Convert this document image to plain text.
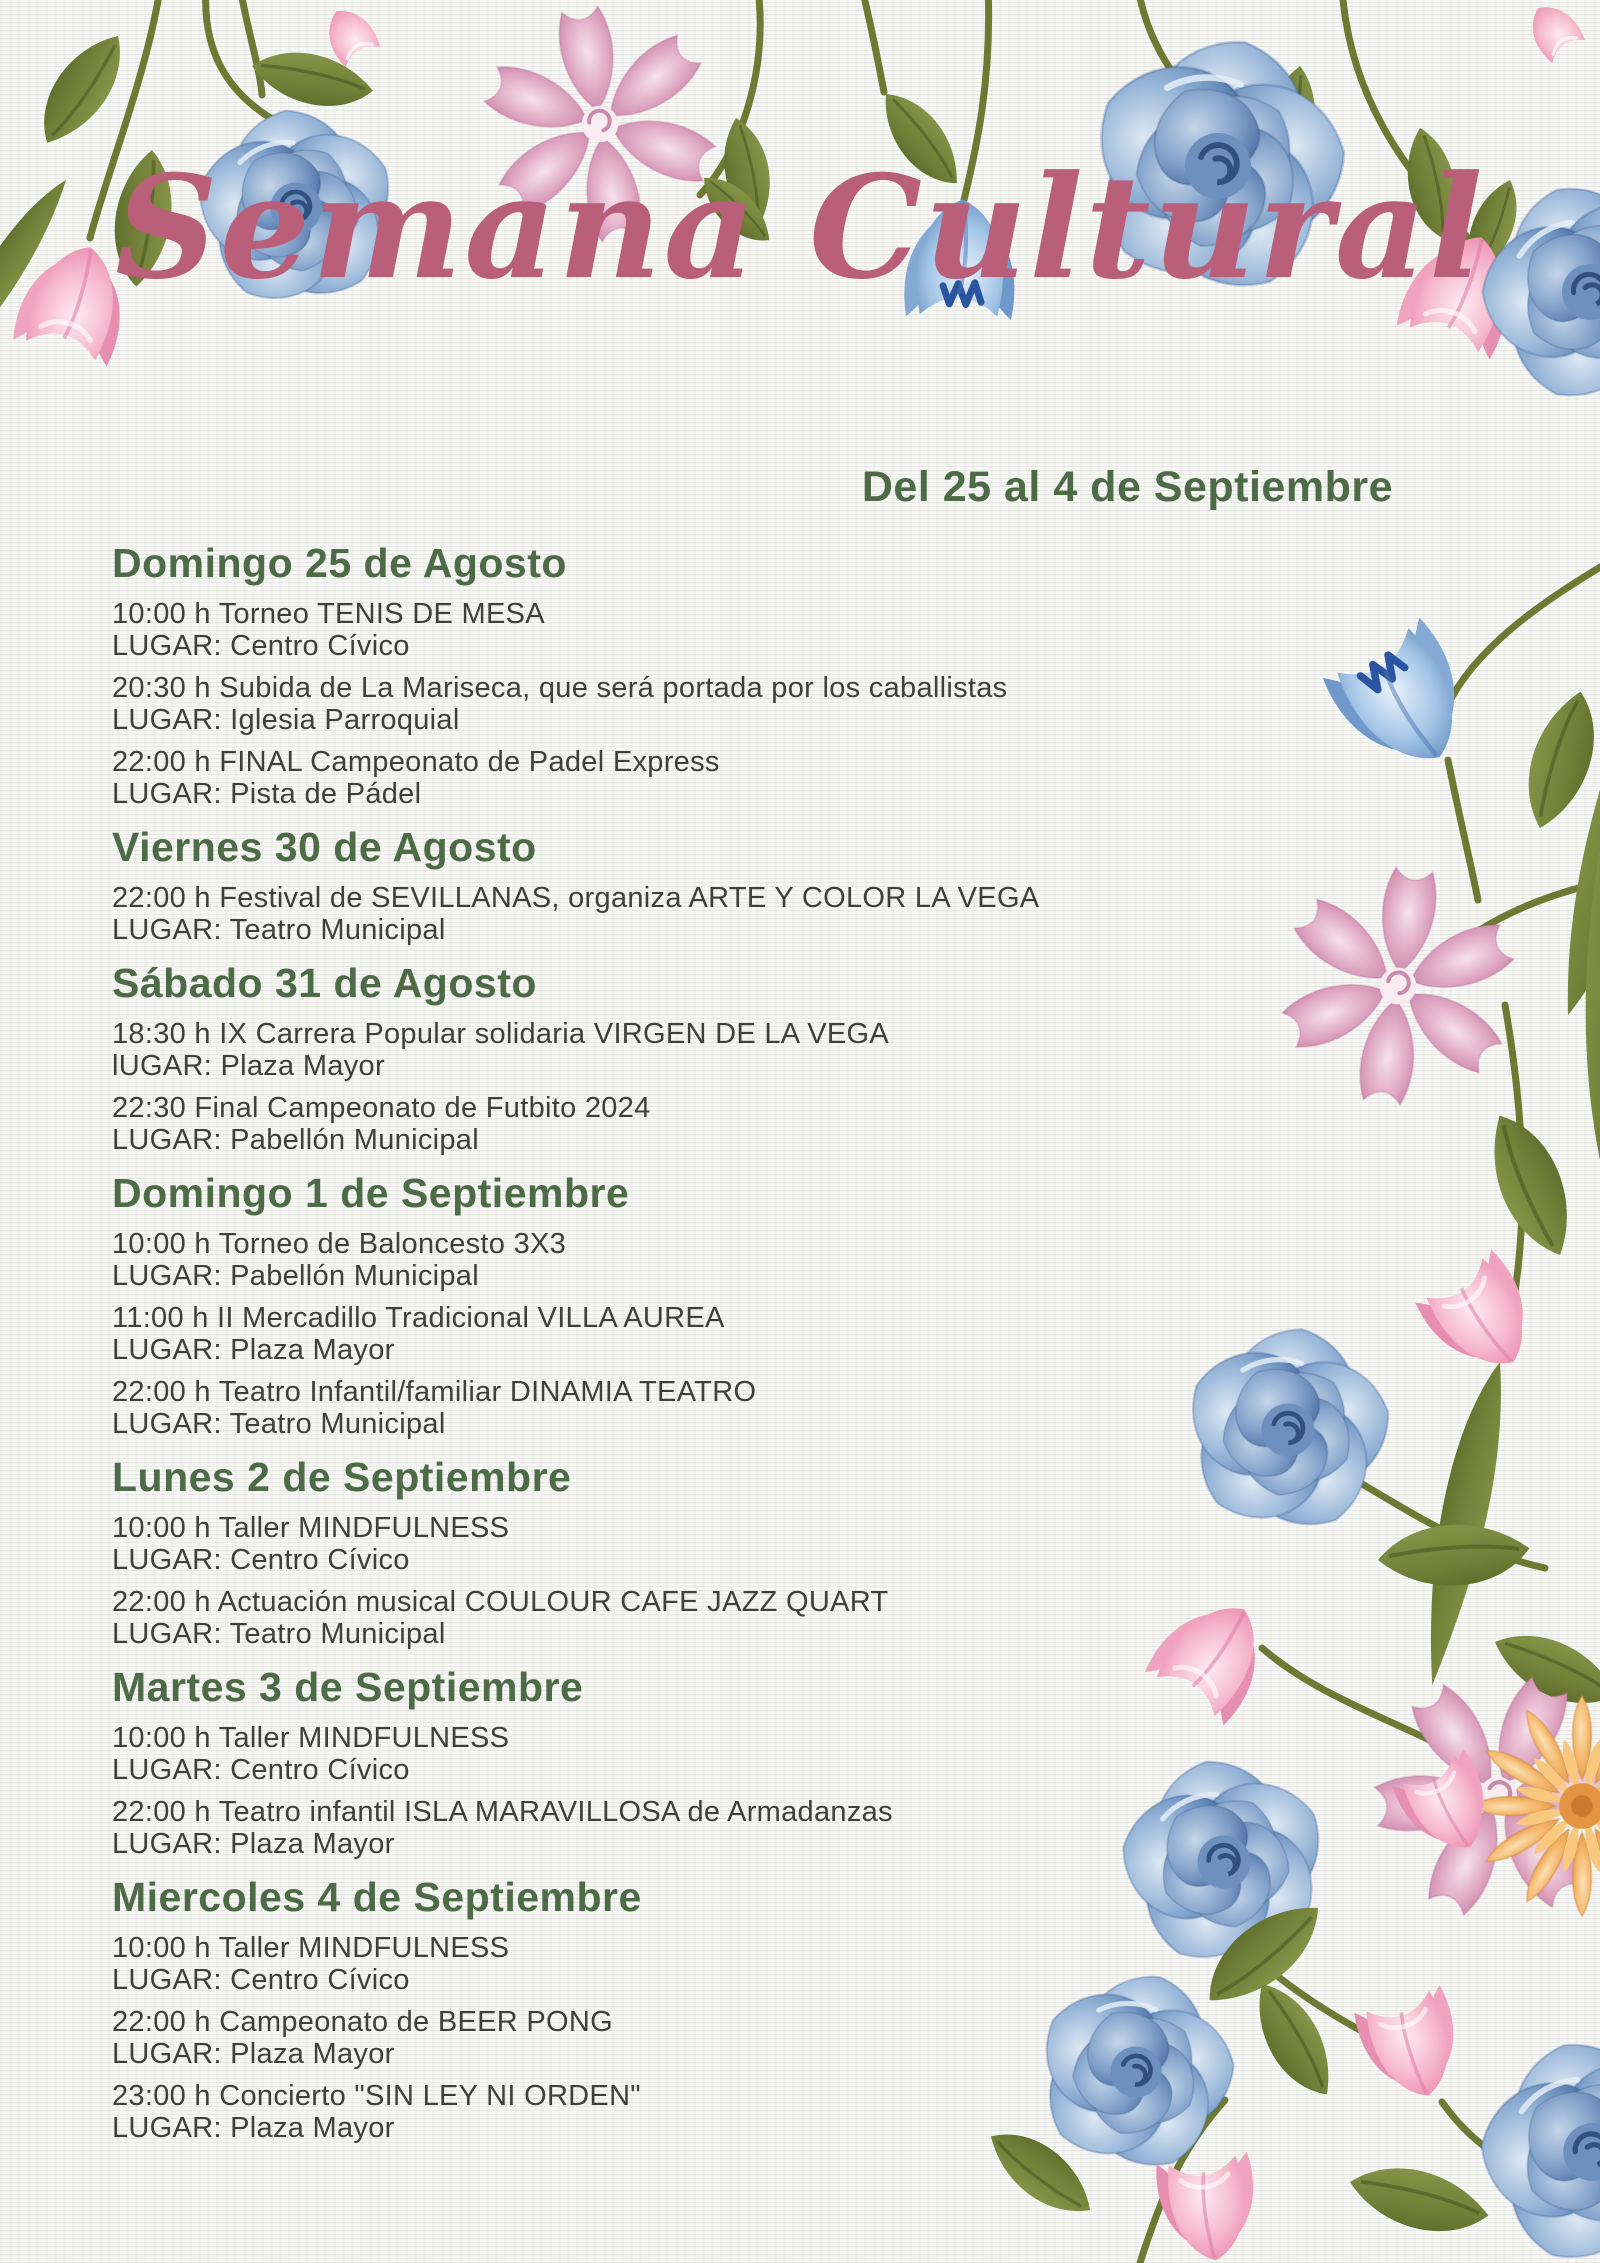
Semana Cultural
Del 25 al 4 de Septiembre
Domingo 25 de Agosto

10:00 h Torneo TENIS DE MESA

LUGAR: Centro Cívico

20:30 h Subida de La Mariseca, que será portada por los caballistas

LUGAR: Iglesia Parroquial

22:00 h FINAL Campeonato de Padel Express

LUGAR: Pista de Pádel

Viernes 30 de Agosto

22:00 h Festival de SEVILLANAS, organiza ARTE Y COLOR LA VEGA

LUGAR: Teatro Municipal

Sábado 31 de Agosto

18:30 h IX Carrera Popular solidaria VIRGEN DE LA VEGA

lUGAR: Plaza Mayor

22:30 Final Campeonato de Futbito 2024

LUGAR: Pabellón Municipal

Domingo 1 de Septiembre

10:00 h Torneo de Baloncesto 3X3

LUGAR: Pabellón Municipal

11:00 h II Mercadillo Tradicional VILLA AUREA

LUGAR: Plaza Mayor

22:00 h Teatro Infantil/familiar DINAMIA TEATRO

LUGAR: Teatro Municipal

Lunes 2 de Septiembre

10:00 h Taller MINDFULNESS

LUGAR: Centro Cívico

22:00 h Actuación musical COULOUR CAFE JAZZ QUART

LUGAR: Teatro Municipal

Martes 3 de Septiembre

10:00 h Taller MINDFULNESS

LUGAR: Centro Cívico

22:00 h Teatro infantil ISLA MARAVILLOSA de Armadanzas

LUGAR: Plaza Mayor

Miercoles 4 de Septiembre

10:00 h Taller MINDFULNESS

LUGAR: Centro Cívico

22:00 h Campeonato de BEER PONG

LUGAR: Plaza Mayor

23:00 h Concierto "SIN LEY NI ORDEN"

LUGAR: Plaza Mayor
